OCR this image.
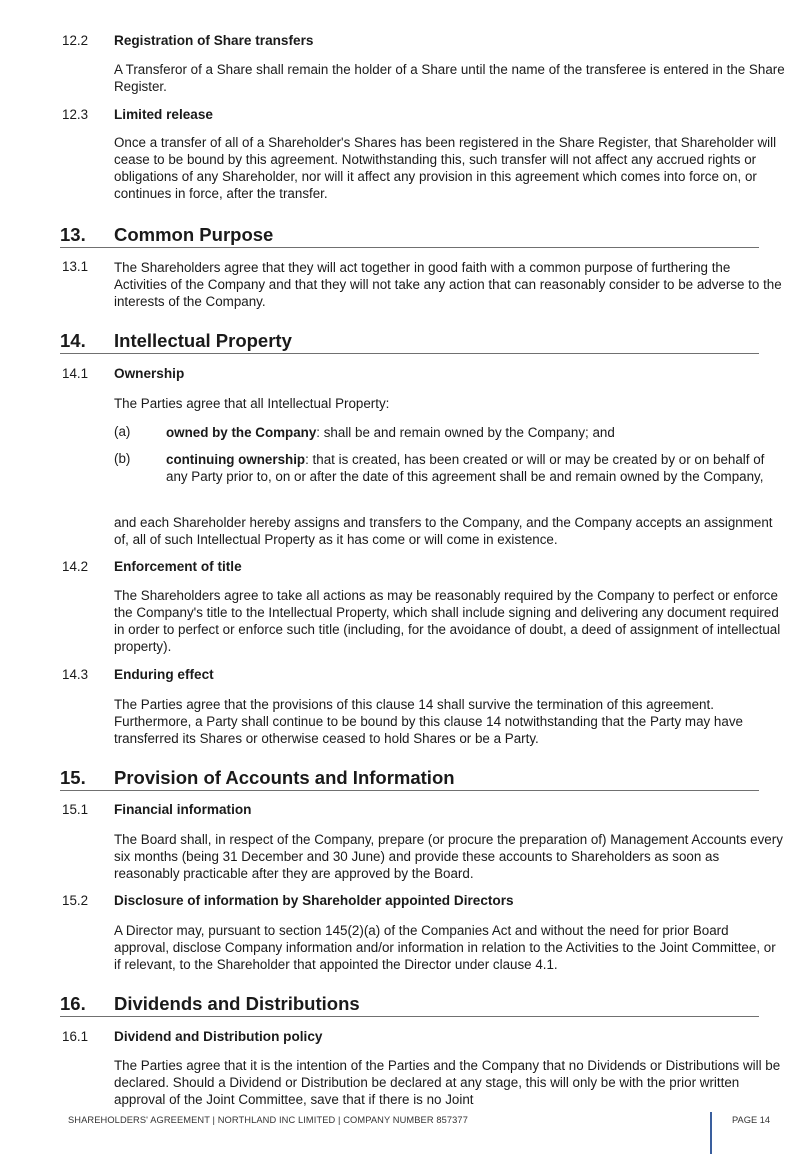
12.2 Registration of Share transfers

A Transferor of a Share shall remain the holder of a Share until the name of the transferee is entered in the Share Register.

12.3 Limited release

Once a transfer of all of a Shareholder's Shares has been registered in the Share Register, that Shareholder will cease to be bound by this agreement. Notwithstanding this, such transfer will not affect any accrued rights or obligations of any Shareholder, nor will it affect any provision in this agreement which comes into force on, or continues in force, after the transfer.

13. Common Purpose
13.1 The Shareholders agree that they will act together in good faith with a common purpose of furthering the Activities of the Company and that they will not take any action that can reasonably consider to be adverse to the interests of the Company.

14. Intellectual Property
14.1 Ownership

The Parties agree that all Intellectual Property:

(a)	owned by the Company: shall be and remain owned by the Company; and

(b)	continuing ownership: that is created, has been created or will or may be created by or on behalf of any Party prior to, on or after the date of this agreement shall be and remain owned by the Company,

and each Shareholder hereby assigns and transfers to the Company, and the Company accepts an assignment of, all of such Intellectual Property as it has come or will come in existence.

14.2 Enforcement of title

The Shareholders agree to take all actions as may be reasonably required by the Company to perfect or enforce the Company's title to the Intellectual Property, which shall include signing and delivering any document required in order to perfect or enforce such title (including, for the avoidance of doubt, a deed of assignment of intellectual property).

14.3 Enduring effect

The Parties agree that the provisions of this clause 14 shall survive the termination of this agreement. Furthermore, a Party shall continue to be bound by this clause 14 notwithstanding that the Party may have transferred its Shares or otherwise ceased to hold Shares or be a Party.

15. Provision of Accounts and Information
15.1 Financial information

The Board shall, in respect of the Company, prepare (or procure the preparation of) Management Accounts every six months (being 31 December and 30 June) and provide these accounts to Shareholders as soon as reasonably practicable after they are approved by the Board.

15.2 Disclosure of information by Shareholder appointed Directors

A Director may, pursuant to section 145(2)(a) of the Companies Act and without the need for prior Board approval, disclose Company information and/or information in relation to the Activities to the Joint Committee, or if relevant, to the Shareholder that appointed the Director under clause 4.1.

16. Dividends and Distributions
16.1 Dividend and Distribution policy

The Parties agree that it is the intention of the Parties and the Company that no Dividends or Distributions will be declared. Should a Dividend or Distribution be declared at any stage, this will only be with the prior written approval of the Joint Committee, save that if there is no Joint

SHAREHOLDERS' AGREEMENT | NORTHLAND INC LIMITED | COMPANY NUMBER 857377	PAGE 14
